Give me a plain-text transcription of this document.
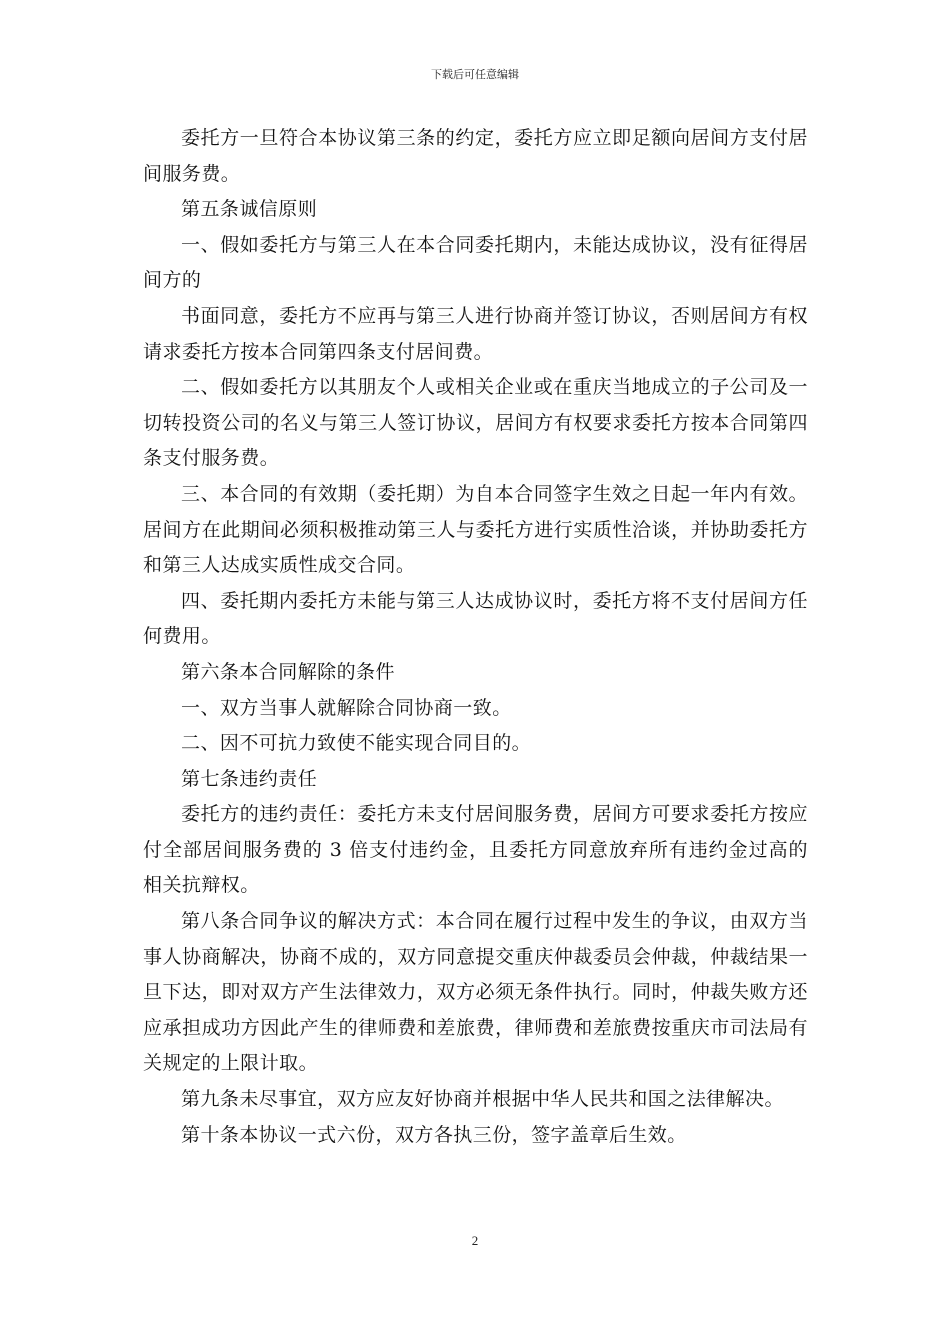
下载后可任意编辑

委托方一旦符合本协议第三条的约定，委托方应立即足额向居间方支付居间服务费。

第五条诚信原则

一、假如委托方与第三人在本合同委托期内，未能达成协议，没有征得居间方的

书面同意，委托方不应再与第三人进行协商并签订协议，否则居间方有权请求委托方按本合同第四条支付居间费。

二、假如委托方以其朋友个人或相关企业或在重庆当地成立的子公司及一切转投资公司的名义与第三人签订协议，居间方有权要求委托方按本合同第四条支付服务费。

三、本合同的有效期（委托期）为自本合同签字生效之日起一年内有效。居间方在此期间必须积极推动第三人与委托方进行实质性洽谈，并协助委托方和第三人达成实质性成交合同。

四、委托期内委托方未能与第三人达成协议时，委托方将不支付居间方任何费用。

第六条本合同解除的条件

一、双方当事人就解除合同协商一致。

二、因不可抗力致使不能实现合同目的。

第七条违约责任

委托方的违约责任：委托方未支付居间服务费，居间方可要求委托方按应付全部居间服务费的 3 倍支付违约金，且委托方同意放弃所有违约金过高的相关抗辩权。

第八条合同争议的解决方式：本合同在履行过程中发生的争议，由双方当事人协商解决，协商不成的，双方同意提交重庆仲裁委员会仲裁，仲裁结果一旦下达，即对双方产生法律效力，双方必须无条件执行。同时，仲裁失败方还应承担成功方因此产生的律师费和差旅费，律师费和差旅费按重庆市司法局有关规定的上限计取。

第九条未尽事宜，双方应友好协商并根据中华人民共和国之法律解决。

第十条本协议一式六份，双方各执三份，签字盖章后生效。

2
